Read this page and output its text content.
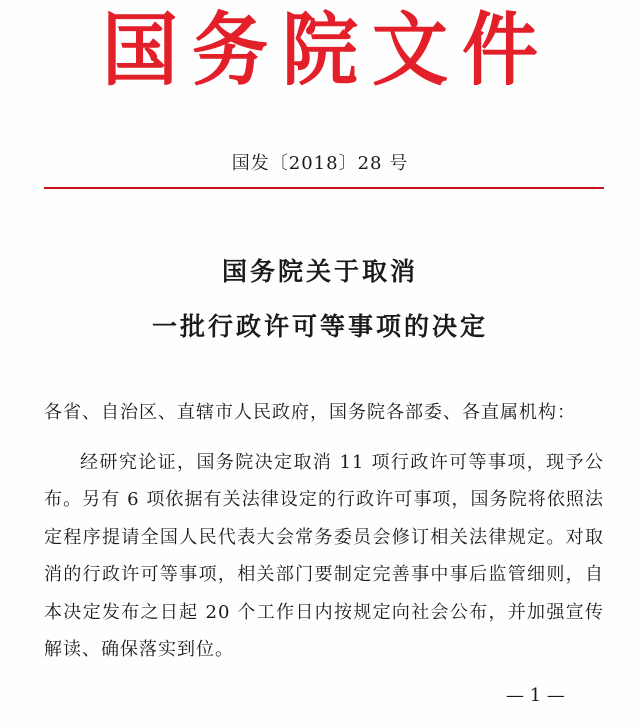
国务院文件
国发〔2018〕28 号
国务院关于取消
一批行政许可等事项的决定
各省、自治区、直辖市人民政府，国务院各部委、各直属机构：
经研究论证，国务院决定取消 11 项行政许可等事项，现予公布。另有 6 项依据有关法律设定的行政许可事项，国务院将依照法定程序提请全国人民代表大会常务委员会修订相关法律规定。对取消的行政许可等事项，相关部门要制定完善事中事后监管细则，自本决定发布之日起 20 个工作日内按规定向社会公布，并加强宣传解读、确保落实到位。
— 1 —
